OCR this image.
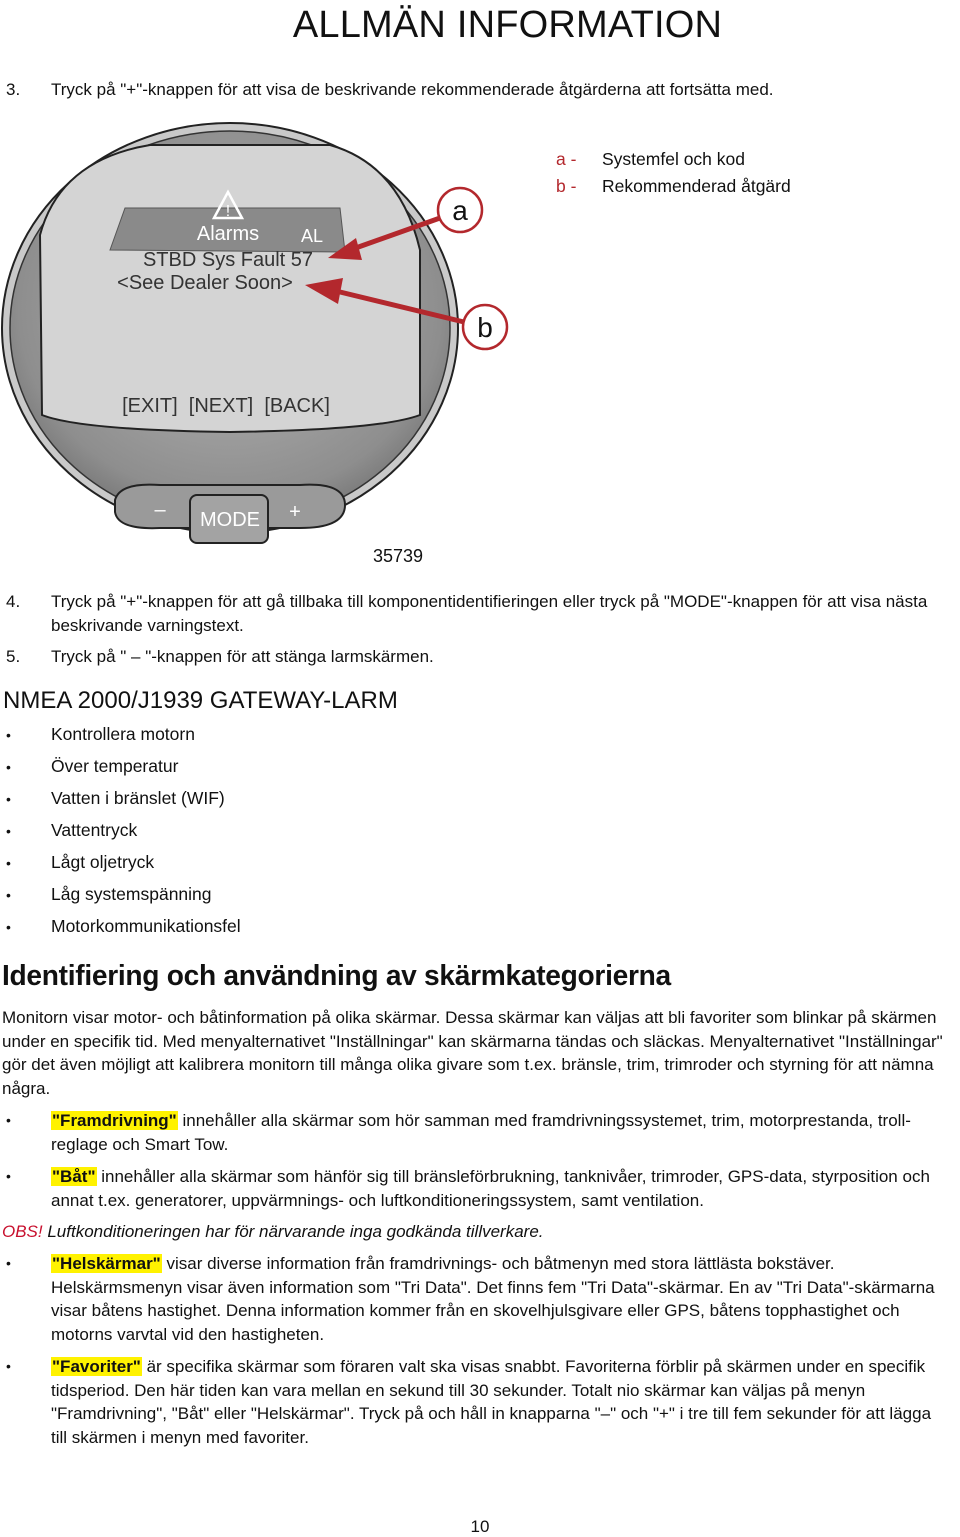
ALLMÄN INFORMATION
3. Tryck på "+"-knappen för att visa de beskrivande rekommenderade åtgärderna att fortsätta med.
!
Alarms AL
STBD Sys Fault 57
<See Dealer Soon>
[EXIT]  [NEXT]  [BACK]
– MODE +
a
b
35739
a - Systemfel och kod
b - Rekommenderad åtgärd
4. Tryck på "+"-knappen för att gå tillbaka till komponentidentifieringen eller tryck på "MODE"-knappen för att visa nästa beskrivande varningstext.
5. Tryck på " – "-knappen för att stänga larmskärmen.
NMEA 2000/J1939 GATEWAY-LARM
• Kontrollera motorn
• Över temperatur
• Vatten i bränslet (WIF)
• Vattentryck
• Lågt oljetryck
• Låg systemspänning
• Motorkommunikationsfel
Identifiering och användning av skärmkategorierna
Monitorn visar motor- och båtinformation på olika skärmar. Dessa skärmar kan väljas att bli favoriter som blinkar på skärmen under en specifik tid. Med menyalternativet "Inställningar" kan skärmarna tändas och släckas. Menyalternativet "Inställningar" gör det även möjligt att kalibrera monitorn till många olika givare som t.ex. bränsle, trim, trimroder och styrning för att nämna några.
• "Framdrivning" innehåller alla skärmar som hör samman med framdrivningssystemet, trim, motorprestanda, troll-reglage och Smart Tow.
• "Båt" innehåller alla skärmar som hänför sig till bränsleförbrukning, tanknivåer, trimroder, GPS-data, styrposition och annat t.ex. generatorer, uppvärmnings- och luftkonditioneringssystem, samt ventilation.
OBS! Luftkonditioneringen har för närvarande inga godkända tillverkare.
• "Helskärmar" visar diverse information från framdrivnings- och båtmenyn med stora lättlästa bokstäver. Helskärmsmenyn visar även information som "Tri Data". Det finns fem "Tri Data"-skärmar. En av "Tri Data"-skärmarna visar båtens hastighet. Denna information kommer från en skovelhjulsgivare eller GPS, båtens topphastighet och motorns varvtal vid den hastigheten.
• "Favoriter" är specifika skärmar som föraren valt ska visas snabbt. Favoriterna förblir på skärmen under en specifik tidsperiod. Den här tiden kan vara mellan en sekund till 30 sekunder. Totalt nio skärmar kan väljas på menyn "Framdrivning", "Båt" eller "Helskärmar". Tryck på och håll in knapparna "–" och "+" i tre till fem sekunder för att lägga till skärmen i menyn med favoriter.
10
